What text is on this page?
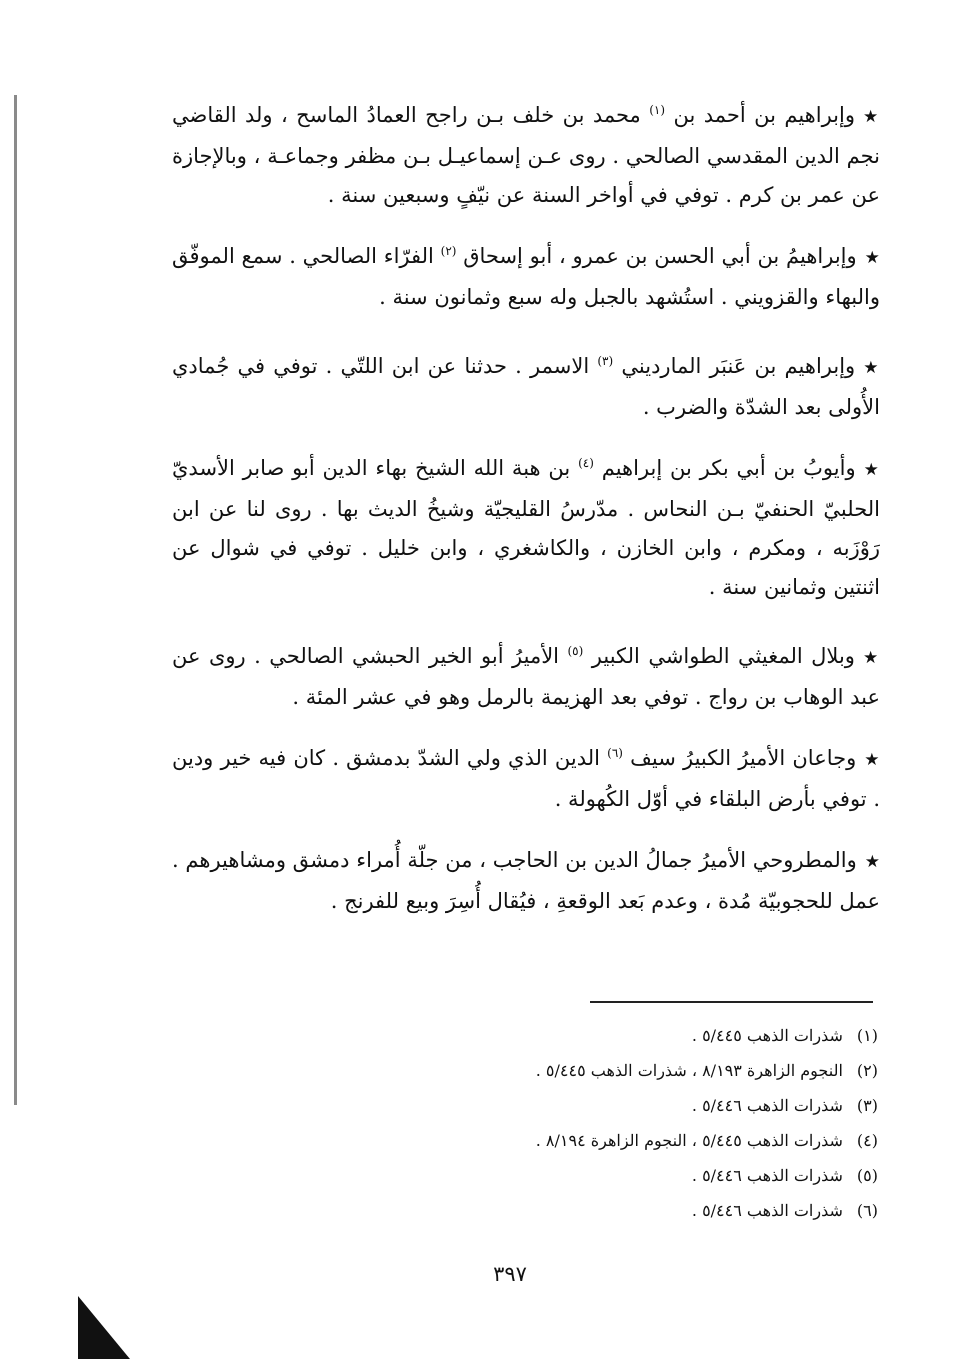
★وإبراهيم بن أحمد بن $^{(١)}$ محمد بن خلف بـن راجح العمادُ الماسح ، ولد القاضي نجم الدين المقدسي الصالحي . روى عـن إسماعيـل بـن مظفر وجماعـة ، وبالإجازة عن عمر بن كرم . توفي في أواخر السنة عن نيّفٍ وسبعين سنة .

★وإبراهيمُ بن أبي الحسن بن عمرو ، أبو إسحاق $^{(٢)}$ الفرّاء الصالحي . سمع الموفّق والبهاء والقزويني . استُشهد بالجبل وله سبع وثمانون سنة .

★وإبراهيم بن عَنبَر المارديني $^{(٣)}$ الاسمر . حدثنا عن ابن اللتّي . توفي في جُمادي الأُولى بعد الشدّة والضرب .

★وأيوبُ بن أبي بكر بن إبراهيم $^{(٤)}$ بن هبة الله الشيخ بهاء الدين أبو صابر الأسديّ الحلبيّ الحنفيّ بـن النحاس . مدّرسُ القليجيّة وشيخُ الديث بها . روى لنا عن ابن رَوْزَبه ، ومكرم ، وابن الخازن ، والكاشغري ، وابن خليل . توفي في شوال عن اثنتين وثمانين سنة .

★وبلال المغيثي الطواشي الكبير $^{(٥)}$ الأميرُ أبو الخير الحبشي الصالحي . روى عن عبد الوهاب بن رواج . توفي بعد الهزيمة بالرمل وهو في عشر المئة .

★وجاعان الأميرُ الكبيرُ سيف $^{(٦)}$ الدين الذي ولي الشدّ بدمشق . كان فيه خير ودين . توفي بأرض البلقاء في أوّل الكُهولة .

★والمطروحي الأميرُ جمالُ الدين بن الحاجب ، من جلّة أُمراء دمشق ومشاهيرهم . عمل للحجوبيّة مُدة ، وعدم بَعد الوقعةِ ، فيُقال أُسِرَ وبيع للفرنج .

(١)شذرات الذهب ٥/٤٤٥ .
(٢)النجوم الزاهرة ٨/١٩٣ ، شذرات الذهب ٥/٤٤٥ .
(٣)شذرات الذهب ٥/٤٤٦ .
(٤)شذرات الذهب ٥/٤٤٥ ، النجوم الزاهرة ٨/١٩٤ .
(٥)شذرات الذهب ٥/٤٤٦ .
(٦)شذرات الذهب ٥/٤٤٦ .
٣٩٧
